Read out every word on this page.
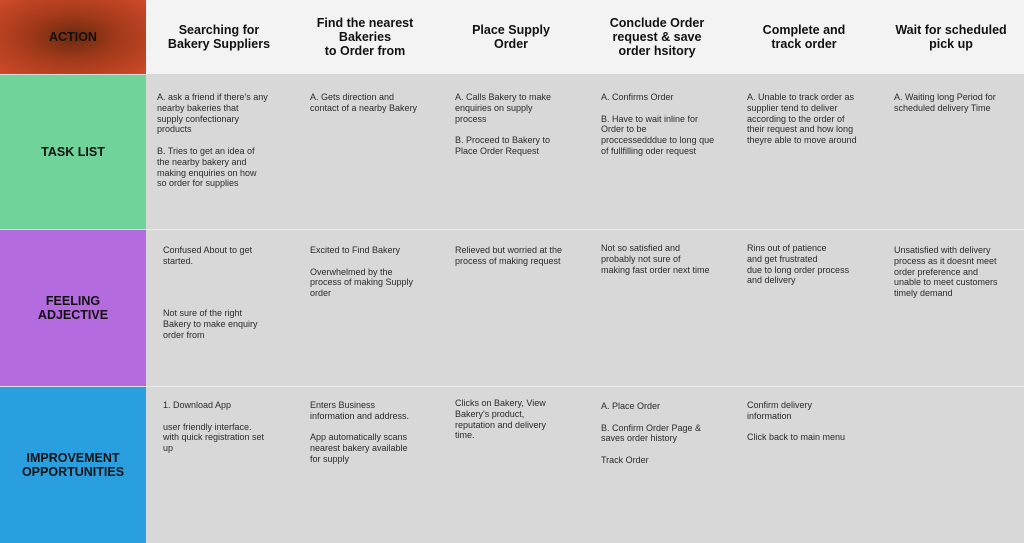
ACTION
TASK LIST
FEELING
ADJECTIVE
IMPROVEMENT
OPPORTUNITIES
Searching for
Bakery Suppliers
Find the nearest
Bakeries
to Order from
Place Supply
Order
Conclude Order
request & save
order hsitory
Complete and
track order
Wait for scheduled
pick up
A. ask a friend if there's any
nearby bakeries that
supply confectionary
products

B. Tries to get an idea of
the nearby bakery and
making enquiries on how
so order for supplies
A. Gets direction and
contact of a nearby Bakery
A. Calls Bakery to make
enquiries on supply
process

B. Proceed to Bakery to
Place Order Request
A. Confirms Order

B. Have to wait inline for
Order to be
proccessedddue to long que
of fullfilling oder request
A. Unable to track order as
supplier tend to deliver
according to the order of
their request and how long
theyre able to move around
A. Waiting long Period for
scheduled delivery Time
Confused About to get
started.
Not sure of the right
Bakery to make enquiry
order from
Excited to Find Bakery

Overwhelmed by the
process of making Supply
order
Relieved but worried at the
process of making request
Not so satisfied and
probably not sure of
making fast order next time
Rins out of patience
and get frustrated
due to long order process
and delivery
Unsatisfied with delivery
process as it doesnt meet
order preference and
unable to meet customers
timely demand
1. Download App

user friendly interface.
with quick registration set
up
Enters Business
information and address.

App automatically scans
nearest bakery available
for supply
Clicks on Bakery, View
Bakery's product,
reputation and delivery
time.
A. Place Order

B. Confirm Order Page &
saves order history

Track Order
Confirm delivery
information

Click back to main menu
